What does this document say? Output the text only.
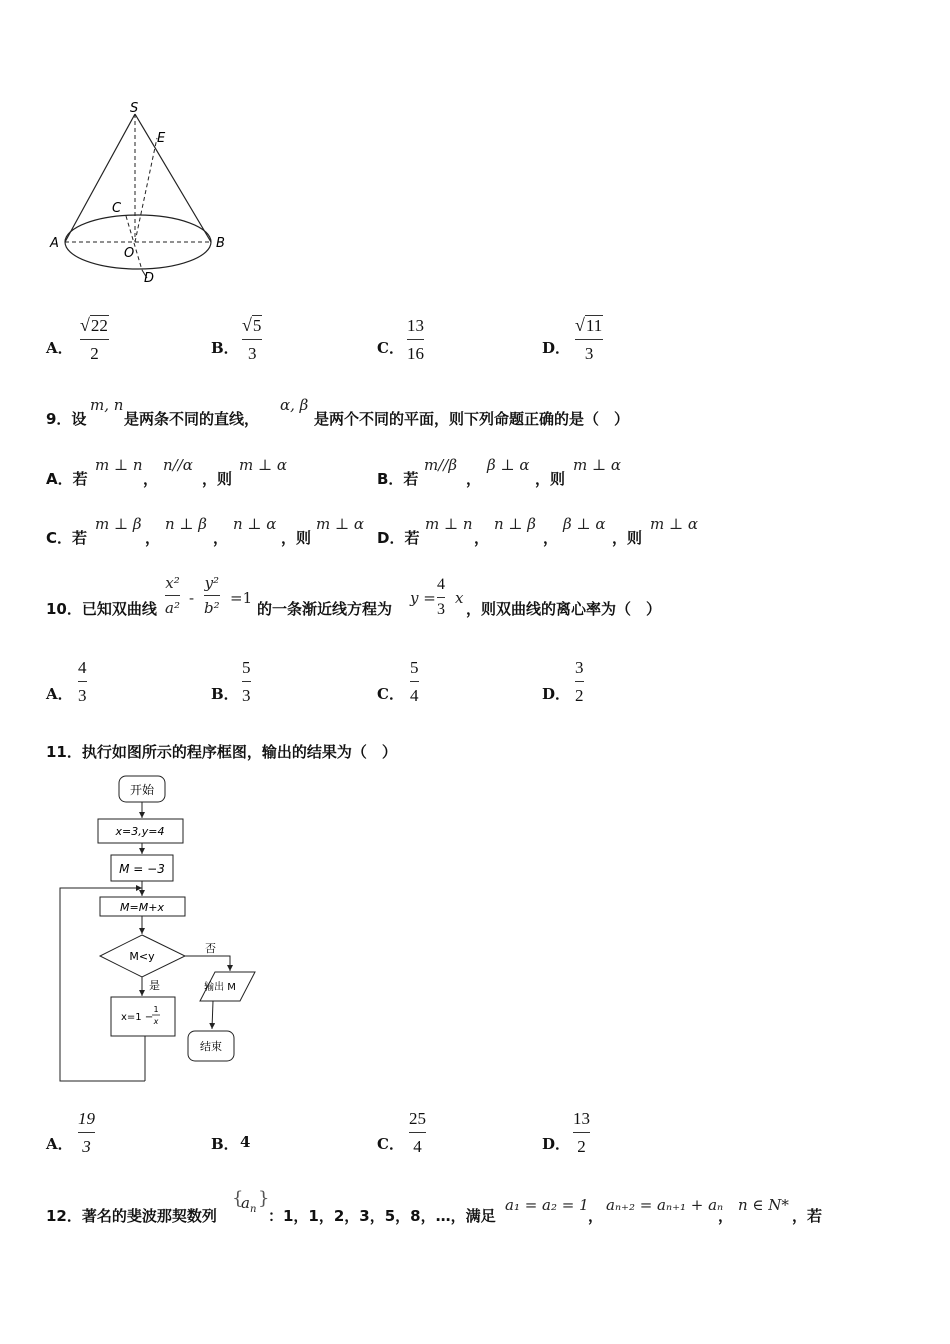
S
E
C
A
O
B
D
A．
√22
2	B．
√5
3	C．
13
16	D．
√11
3
9．设
m, n
是两条不同的直线，
α, β
是两个不同的平面，则下列命题正确的是（　）
A．若
m ⊥ n
，
n//α
，则
m ⊥ α
B．若
m//β
，
β ⊥ α
，则
m ⊥ α
C．若
m ⊥ β
，
n ⊥ β
，
n ⊥ α
，则
m ⊥ α
D．若
m ⊥ n
，
n ⊥ β
，
β ⊥ α
，则
m ⊥ α
10．已知双曲线
x²
a²
-
y²
b²
=1
的一条渐近线方程为
y =
4
3
x
，则双曲线的离心率为（　）
A．
4
3	B．
5
3	C．
5
4	D．
3
2
11．执行如图所示的程序框图，输出的结果为（　）
开始
x=3,y=4
M = −3
M=M+x
M<y
否
输出 M
结束
是
x=1 −
1
x
A．
19
3	B． 4	C．
25
4	D．
13
2
12．著名的斐波那契数列
{
$a_n$
}
：1，1，2，3，5，8，…，满足
a₁ = a₂ = 1
，
aₙ₊₂ = aₙ₊₁ + aₙ
，
n ∈ N*
，若
